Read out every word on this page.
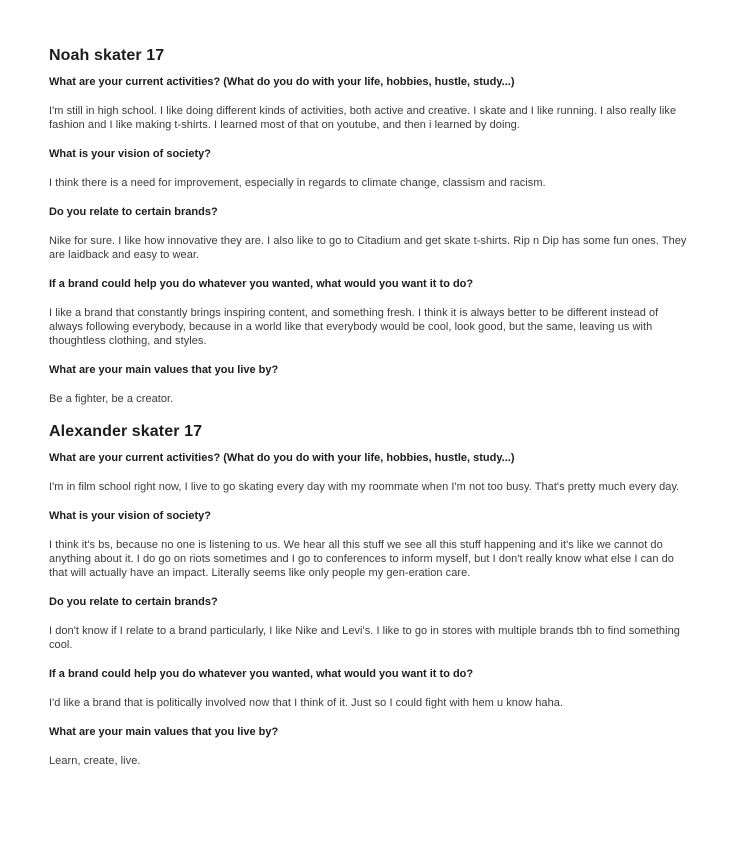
Noah skater 17
What are your current activities? (What do you do with your life, hobbies, hustle, study...)
I'm still in high school. I like doing different kinds of activities, both active and creative. I skate and I like running. I also really like fashion and I like making t-shirts. I learned most of that on youtube, and then i learned by doing.
What is your vision of society?
I think there is a need for improvement, especially in regards to climate change, classism and racism.
Do you relate to certain brands?
Nike for sure. I like how innovative they are. I also like to go to Citadium and get skate t-shirts. Rip n Dip has some fun ones. They are laidback and easy to wear.
If a brand could help you do whatever you wanted, what would you want it to do?
I like a brand that constantly brings inspiring content, and something fresh. I think it is always better to be different instead of always following everybody, because in a world like that everybody would be cool, look good, but the same, leaving us with thoughtless clothing, and styles.
What are your main values that you live by?
Be a fighter, be a creator.
Alexander skater 17
What are your current activities? (What do you do with your life, hobbies, hustle, study...)
I'm in film school right now, I live to go skating every day with my roommate when I'm not too busy. That's pretty much every day.
What is your vision of society?
I think it's bs, because no one is listening to us. We hear all this stuff we see all this stuff happening and it's like we cannot do anything about it. I do go on riots sometimes and I go to conferences to inform myself, but I don't really know what else I can do that will actually have an impact. Literally seems like only people my gen-eration care.
Do you relate to certain brands?
I don't know if I relate to a brand particularly, I like Nike and Levi's. I like to go in stores with multiple brands tbh to find something cool.
If a brand could help you do whatever you wanted, what would you want it to do?
I'd like a brand that is politically involved now that I think of it. Just so I could fight with hem u know haha.
What are your main values that you live by?
Learn, create, live.
